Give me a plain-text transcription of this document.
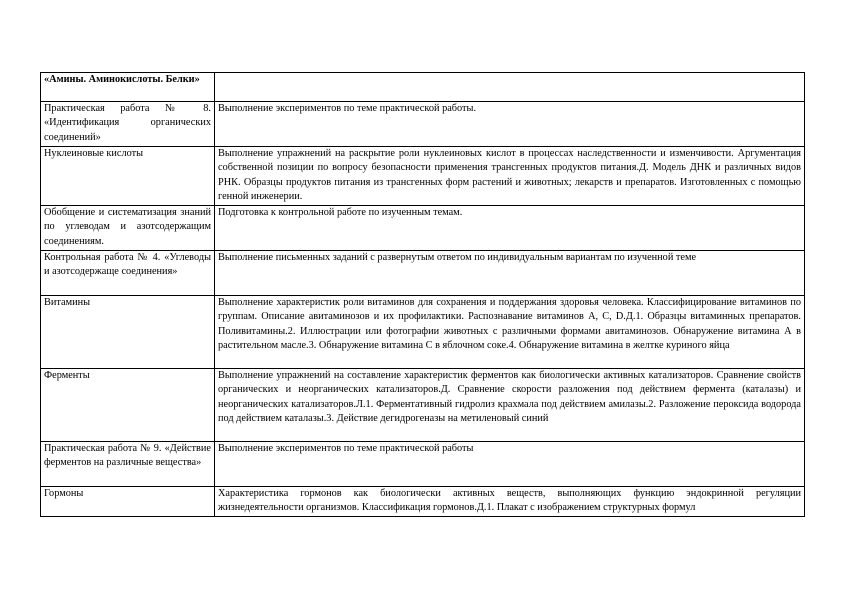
«Амины. Аминокислоты. Белки»	
Практическая работа № 8. «Идентификация органических соединений»	Выполнение экспериментов по теме практической работы.
Нуклеиновые кислоты	Выполнение упражнений на раскрытие роли нуклеиновых кислот в процессах наследственности и изменчивости. Аргументация собственной позиции по вопросу безопасности применения трансгенных продуктов питания.Д. Модель ДНК и различных видов РНК. Образцы продуктов питания из трансгенных форм растений и животных; лекарств и препаратов. Изготовленных с помощью генной инженерии.
Обобщение и систематизация знаний по углеводам и азотсодержащим соединениям.	Подготовка к контрольной работе по изученным темам.
Контрольная работа № 4. «Углеводы и азотсодержаще соединения»	Выполнение письменных заданий с развернутым ответом по индивидуальным вариантам по изученной теме
Витамины	Выполнение характеристик роли витаминов для сохранения и поддержания здоровья человека. Классифицирование витаминов по группам. Описание авитаминозов и их профилактики. Распознавание витаминов А, С, D.Д.1. Образцы витаминных препаратов. Поливитамины.2. Иллюстрации или фотографии животных с различными формами авитаминозов. Обнаружение витамина А в растительном масле.3. Обнаружение витамина С в яблочном соке.4. Обнаружение витамина в желтке куриного яйца
Ферменты	Выполнение упражнений на составление характеристик ферментов как биологически активных катализаторов. Сравнение свойств органических и неорганических катализаторов.Д. Сравнение скорости разложения под действием фермента (каталазы) и неорганических катализаторов.Л.1. Ферментативный гидролиз крахмала под действием амилазы.2. Разложение пероксида водорода под действием каталазы.3. Действие дегидрогеназы на метиленовый синий
Практическая работа № 9. «Действие ферментов на различные вещества»	Выполнение экспериментов по теме практической работы
Гормоны	Характеристика гормонов как биологически активных веществ, выполняющих функцию эндокринной регуляции жизнедеятельности организмов. Классификация гормонов.Д.1. Плакат с изображением структурных формул
